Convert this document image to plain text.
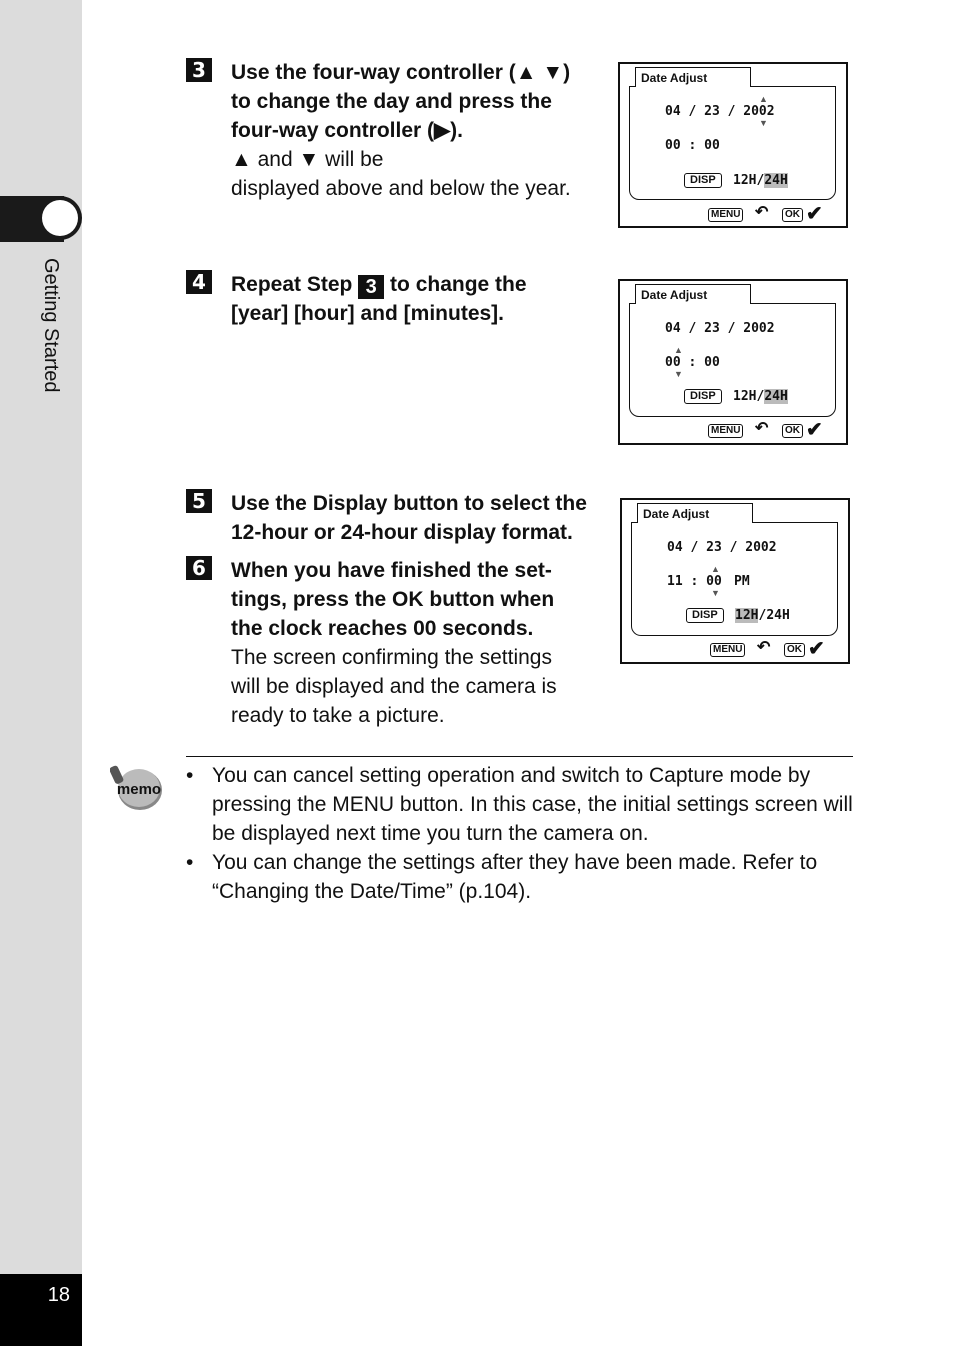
Getting Started
18
3 Use the four-way controller (▲ ▼)
to change the day and press the
four-way controller (▶).
▲ and ▼ will be
displayed above and below the year.
Date Adjust
04 / 23 / 2002
▲
▼
00 : 00
DISP	12H/24H
MENU ↶	OK ✔
4 Repeat Step 3 to change the
[year] [hour] and [minutes].
Date Adjust
04 / 23 / 2002
▲
00 : 00
▼
DISP	12H/24H
MENU ↶	OK ✔
5 Use the Display button to select the
12-hour or 24-hour display format.
6 When you have finished the set-
tings, press the OK button when
the clock reaches 00 seconds.
The screen confirming the settings
will be displayed and the camera is
ready to take a picture.
Date Adjust
04 / 23 / 2002
▲
11 : 00 PM
▼
DISP	12H/24H
MENU ↶	OK ✔
memo
• You can cancel setting operation and switch to Capture mode by pressing the MENU button. In this case, the initial settings screen will be displayed next time you turn the camera on.
• You can change the settings after they have been made. Refer to “Changing the Date/Time” (p.104).
